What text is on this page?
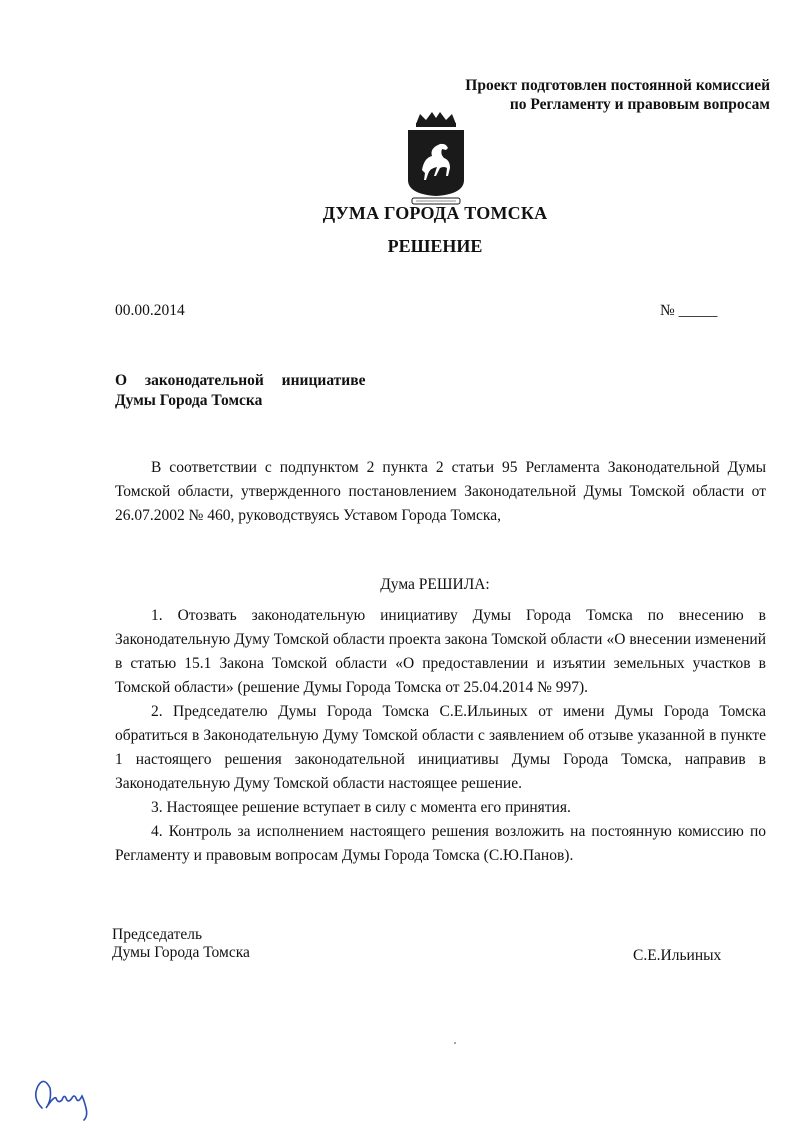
Проект подготовлен постоянной комиссией
по Регламенту и правовым вопросам
ДУМА ГОРОДА ТОМСКА
РЕШЕНИЕ
00.00.2014	№ _____
О законодательной инициативе
Думы Города Томска

В соответствии с подпунктом 2 пункта 2 статьи 95 Регламента Законодательной Думы Томской области, утвержденного постановлением Законодательной Думы Томской области от 26.07.2002 № 460, руководствуясь Уставом Города Томска,

Дума РЕШИЛА:

1. Отозвать законодательную инициативу Думы Города Томска по внесению в Законодательную Думу Томской области проекта закона Томской области «О внесении изменений в статью 15.1 Закона Томской области «О предоставлении и изъятии земельных участков в Томской области» (решение Думы Города Томска от 25.04.2014 № 997).

2. Председателю Думы Города Томска С.Е.Ильиных от имени Думы Города Томска обратиться в Законодательную Думу Томской области с заявлением об отзыве указанной в пункте 1 настоящего решения законодательной инициативы Думы Города Томска, направив в Законодательную Думу Томской области настоящее решение.

3. Настоящее решение вступает в силу с момента его принятия.

4. Контроль за исполнением настоящего решения возложить на постоянную комиссию по Регламенту и правовым вопросам Думы Города Томска (С.Ю.Панов).

Председатель
Думы Города Томска	С.Е.Ильиных
